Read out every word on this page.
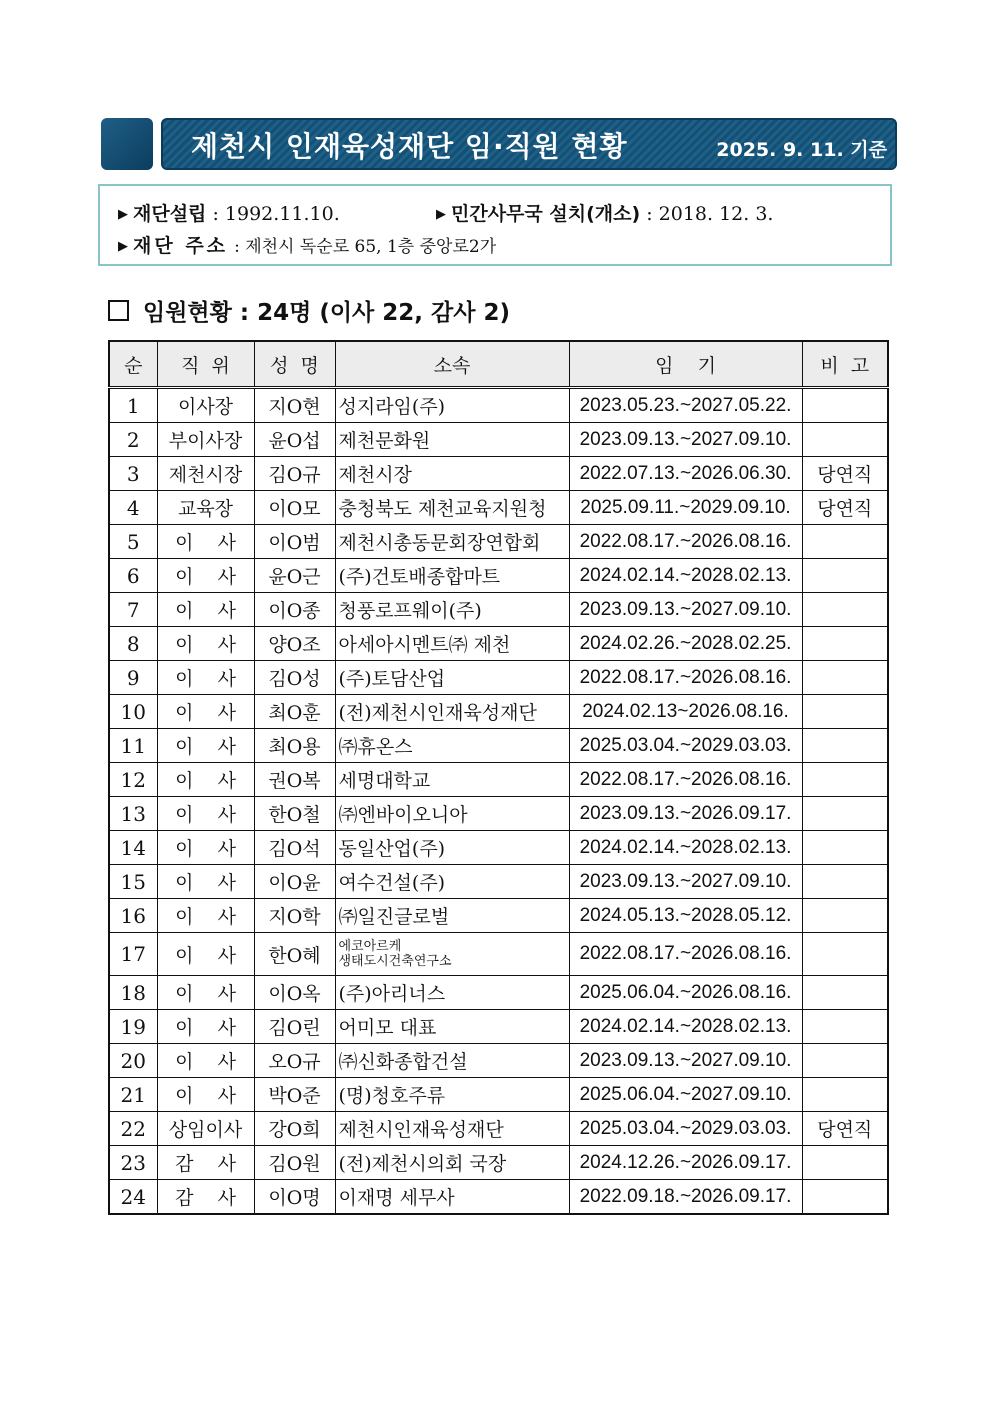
제천시 인재육성재단 임·직원 현황	2025. 9. 11. 기준
▶ 재단설립 : 1992.11.10.	▶ 민간사무국 설치(개소) : 2018. 12. 3.
▶ 재단 주소 : 제천시 독순로 65, 1층 중앙로2가
임원현황 : 24명 (이사 22, 감사 2)
순	직  위	성  명	소속	임    기	비  고
1	이사장	지O현	성지라임(주)	2023.05.23.~2027.05.22.	
2	부이사장	윤O섭	제천문화원	2023.09.13.~2027.09.10.	
3	제천시장	김O규	제천시장	2022.07.13.~2026.06.30.	당연직
4	교육장	이O모	충청북도 제천교육지원청	2025.09.11.~2029.09.10.	당연직
5	이    사	이O범	제천시총동문회장연합회	2022.08.17.~2026.08.16.	
6	이    사	윤O근	(주)건토배종합마트	2024.02.14.~2028.02.13.	
7	이    사	이O종	청풍로프웨이(주)	2023.09.13.~2027.09.10.	
8	이    사	양O조	아세아시멘트㈜ 제천	2024.02.26.~2028.02.25.	
9	이    사	김O성	(주)토담산업	2022.08.17.~2026.08.16.	
10	이    사	최O훈	(전)제천시인재육성재단	2024.02.13~2026.08.16.	
11	이    사	최O용	㈜휴온스	2025.03.04.~2029.03.03.	
12	이    사	권O복	세명대학교	2022.08.17.~2026.08.16.	
13	이    사	한O철	㈜엔바이오니아	2023.09.13.~2026.09.17.	
14	이    사	김O석	동일산업(주)	2024.02.14.~2028.02.13.	
15	이    사	이O윤	여수건설(주)	2023.09.13.~2027.09.10.	
16	이    사	지O학	㈜일진글로벌	2024.05.13.~2028.05.12.	
17	이    사	한O혜	에코아르케
생태도시건축연구소	2022.08.17.~2026.08.16.	
18	이    사	이O옥	(주)아리너스	2025.06.04.~2026.08.16.	
19	이    사	김O린	어미모 대표	2024.02.14.~2028.02.13.	
20	이    사	오O규	㈜신화종합건설	2023.09.13.~2027.09.10.	
21	이    사	박O준	(명)청호주류	2025.06.04.~2027.09.10.	
22	상임이사	강O희	제천시인재육성재단	2025.03.04.~2029.03.03.	당연직
23	감    사	김O원	(전)제천시의회 국장	2024.12.26.~2026.09.17.	
24	감    사	이O명	이재명 세무사	2022.09.18.~2026.09.17.	
